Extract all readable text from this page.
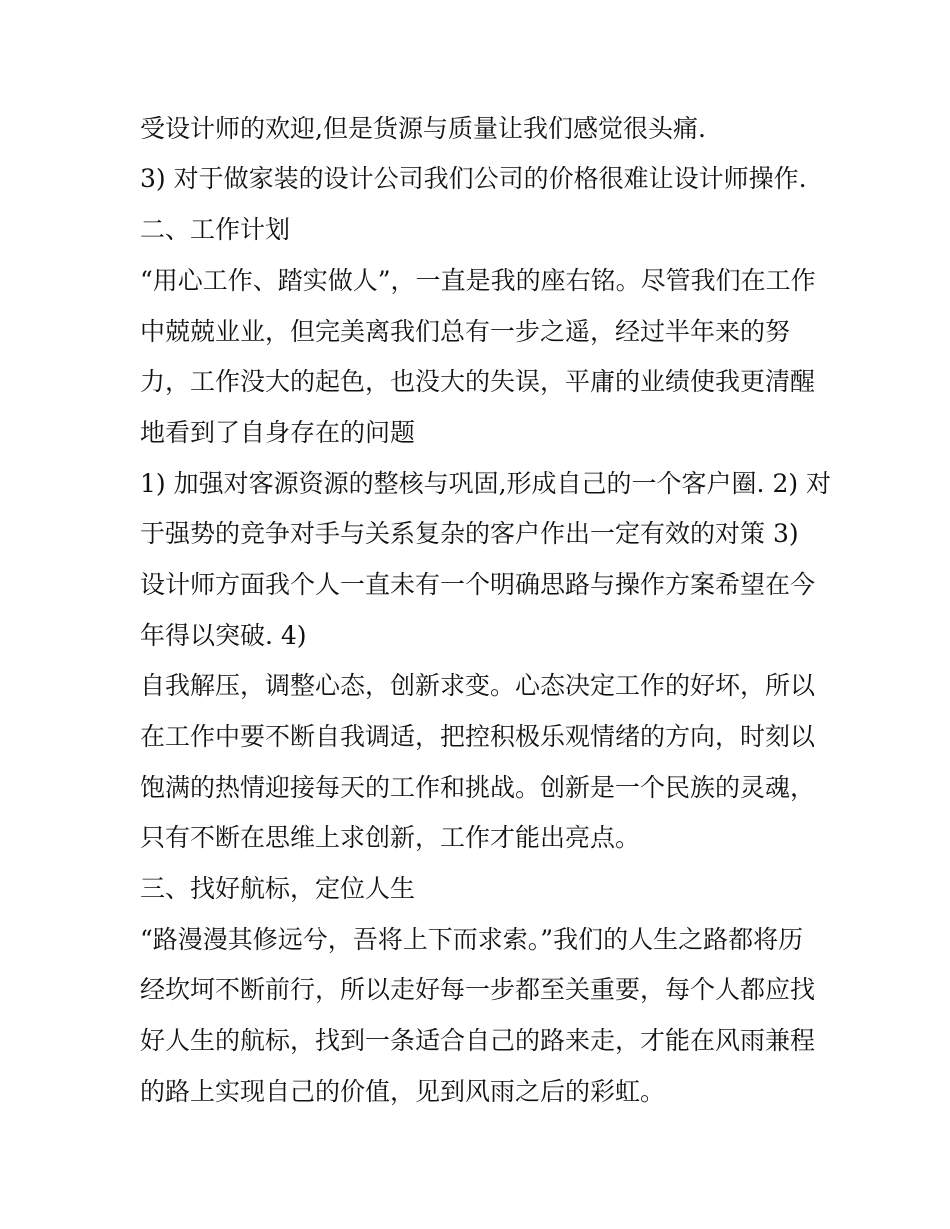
受设计师的欢迎,但是货源与质量让我们感觉很头痛.
3) 对于做家装的设计公司我们公司的价格很难让设计师操作.
二、工作计划
“用心工作、踏实做人”，一直是我的座右铭。尽管我们在工作
中兢兢业业，但完美离我们总有一步之遥，经过半年来的努
力，工作没大的起色，也没大的失误，平庸的业绩使我更清醒
地看到了自身存在的问题
1) 加强对客源资源的整核与巩固,形成自己的一个客户圈. 2) 对
于强势的竞争对手与关系复杂的客户作出一定有效的对策 3)
设计师方面我个人一直未有一个明确思路与操作方案希望在今
年得以突破. 4)
自我解压，调整心态，创新求变。心态决定工作的好坏，所以
在工作中要不断自我调适，把控积极乐观情绪的方向，时刻以
饱满的热情迎接每天的工作和挑战。创新是一个民族的灵魂，
只有不断在思维上求创新，工作才能出亮点。
三、找好航标，定位人生
“路漫漫其修远兮，吾将上下而求索。”我们的人生之路都将历
经坎坷不断前行，所以走好每一步都至关重要，每个人都应找
好人生的航标，找到一条适合自己的路来走，才能在风雨兼程
的路上实现自己的价值，见到风雨之后的彩虹。
